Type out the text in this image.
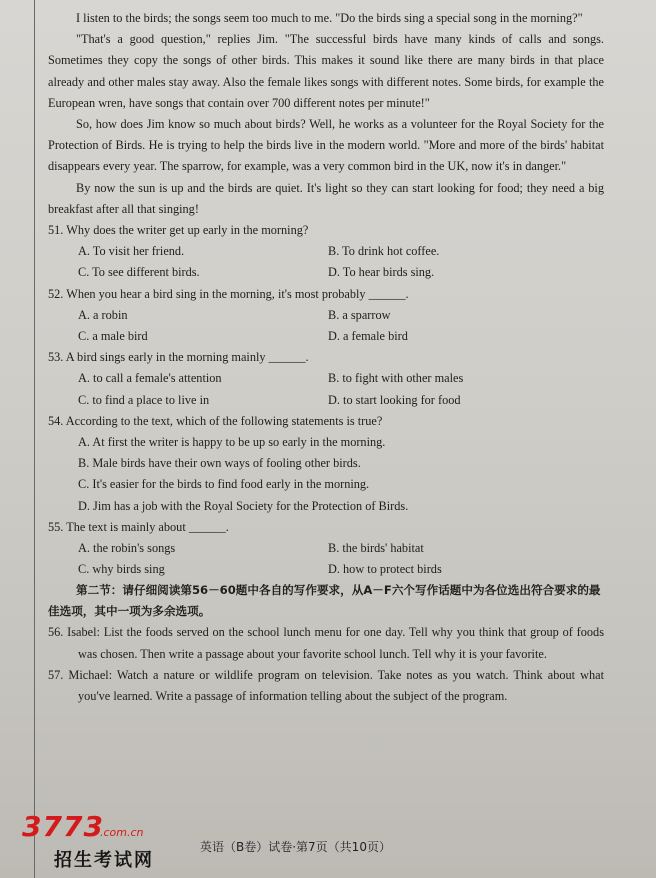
I listen to the birds; the songs seem too much to me. "Do the birds sing a special song in the morning?"

"That's a good question," replies Jim. "The successful birds have many kinds of calls and songs. Sometimes they copy the songs of other birds. This makes it sound like there are many birds in that place already and other males stay away. Also the female likes songs with different notes. Some birds, for example the European wren, have songs that contain over 700 different notes per minute!"

So, how does Jim know so much about birds? Well, he works as a volunteer for the Royal Society for the Protection of Birds. He is trying to help the birds live in the modern world. "More and more of the birds' habitat disappears every year. The sparrow, for example, was a very common bird in the UK, now it's in danger."

By now the sun is up and the birds are quiet. It's light so they can start looking for food; they need a big breakfast after all that singing!

51. Why does the writer get up early in the morning?

A. To visit her friend.	B. To drink hot coffee.
C. To see different birds.	D. To hear birds sing.

52. When you hear a bird sing in the morning, it's most probably ______.

A. a robin	B. a sparrow
C. a male bird	D. a female bird

53. A bird sings early in the morning mainly ______.

A. to call a female's attention	B. to fight with other males
C. to find a place to live in	D. to start looking for food

54. According to the text, which of the following statements is true?

A. At first the writer is happy to be up so early in the morning.

B. Male birds have their own ways of fooling other birds.

C. It's easier for the birds to find food early in the morning.

D. Jim has a job with the Royal Society for the Protection of Birds.

55. The text is mainly about ______.

A. the robin's songs	B. the birds' habitat
C. why birds sing	D. how to protect birds

第二节：请仔细阅读第56－60题中各自的写作要求，从A－F六个写作话题中为各位选出符合要求的最佳选项，其中一项为多余选项。

56. Isabel: List the foods served on the school lunch menu for one day. Tell why you think that group of foods was chosen. Then write a passage about your favorite school lunch. Tell why it is your favorite.

57. Michael: Watch a nature or wildlife program on television. Take notes as you watch. Think about what you've learned. Write a passage of information telling about the subject of the program.

3773
.com.cn
招生考试网
英语（B卷）试卷·第7页（共10页）
